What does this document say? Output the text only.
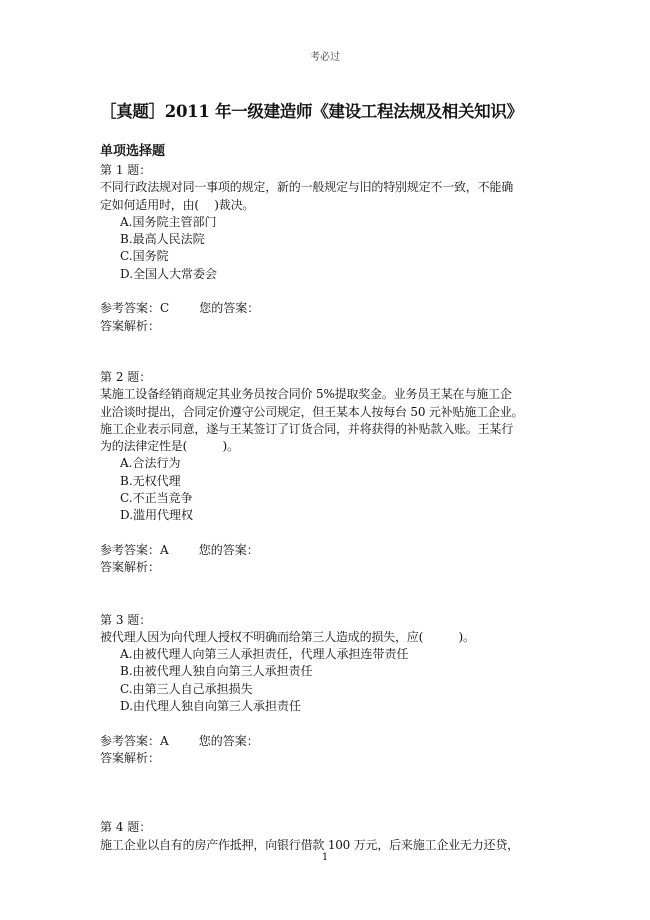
考必过
［真题］2011 年一级建造师《建设工程法规及相关知识》
单项选择题
第 1 题：
不同行政法规对同一事项的规定，新的一般规定与旧的特别规定不一致，不能确
定如何适用时，由(　 )裁决。
A.国务院主管部门
B.最高人民法院
C.国务院
D.全国人大常委会
参考答案：C	您的答案：
答案解析：
第 2 题：
某施工设备经销商规定其业务员按合同价 5%提取奖金。业务员王某在与施工企
业洽谈时提出，合同定价遵守公司规定，但王某本人按每台 50 元补贴施工企业。
施工企业表示同意，遂与王某签订了订货合同，并将获得的补贴款入账。王某行
为的法律定性是(　　　)。
A.合法行为
B.无权代理
C.不正当竞争
D.滥用代理权
参考答案：A	您的答案：
答案解析：
第 3 题：
被代理人因为向代理人授权不明确而给第三人造成的损失，应(　　　)。
A.由被代理人向第三人承担责任，代理人承担连带责任
B.由被代理人独自向第三人承担责任
C.由第三人自己承担损失
D.由代理人独自向第三人承担责任
参考答案：A	您的答案：
答案解析：
第 4 题：
施工企业以自有的房产作抵押，向银行借款 100 万元，后来施工企业无力还贷，
1
